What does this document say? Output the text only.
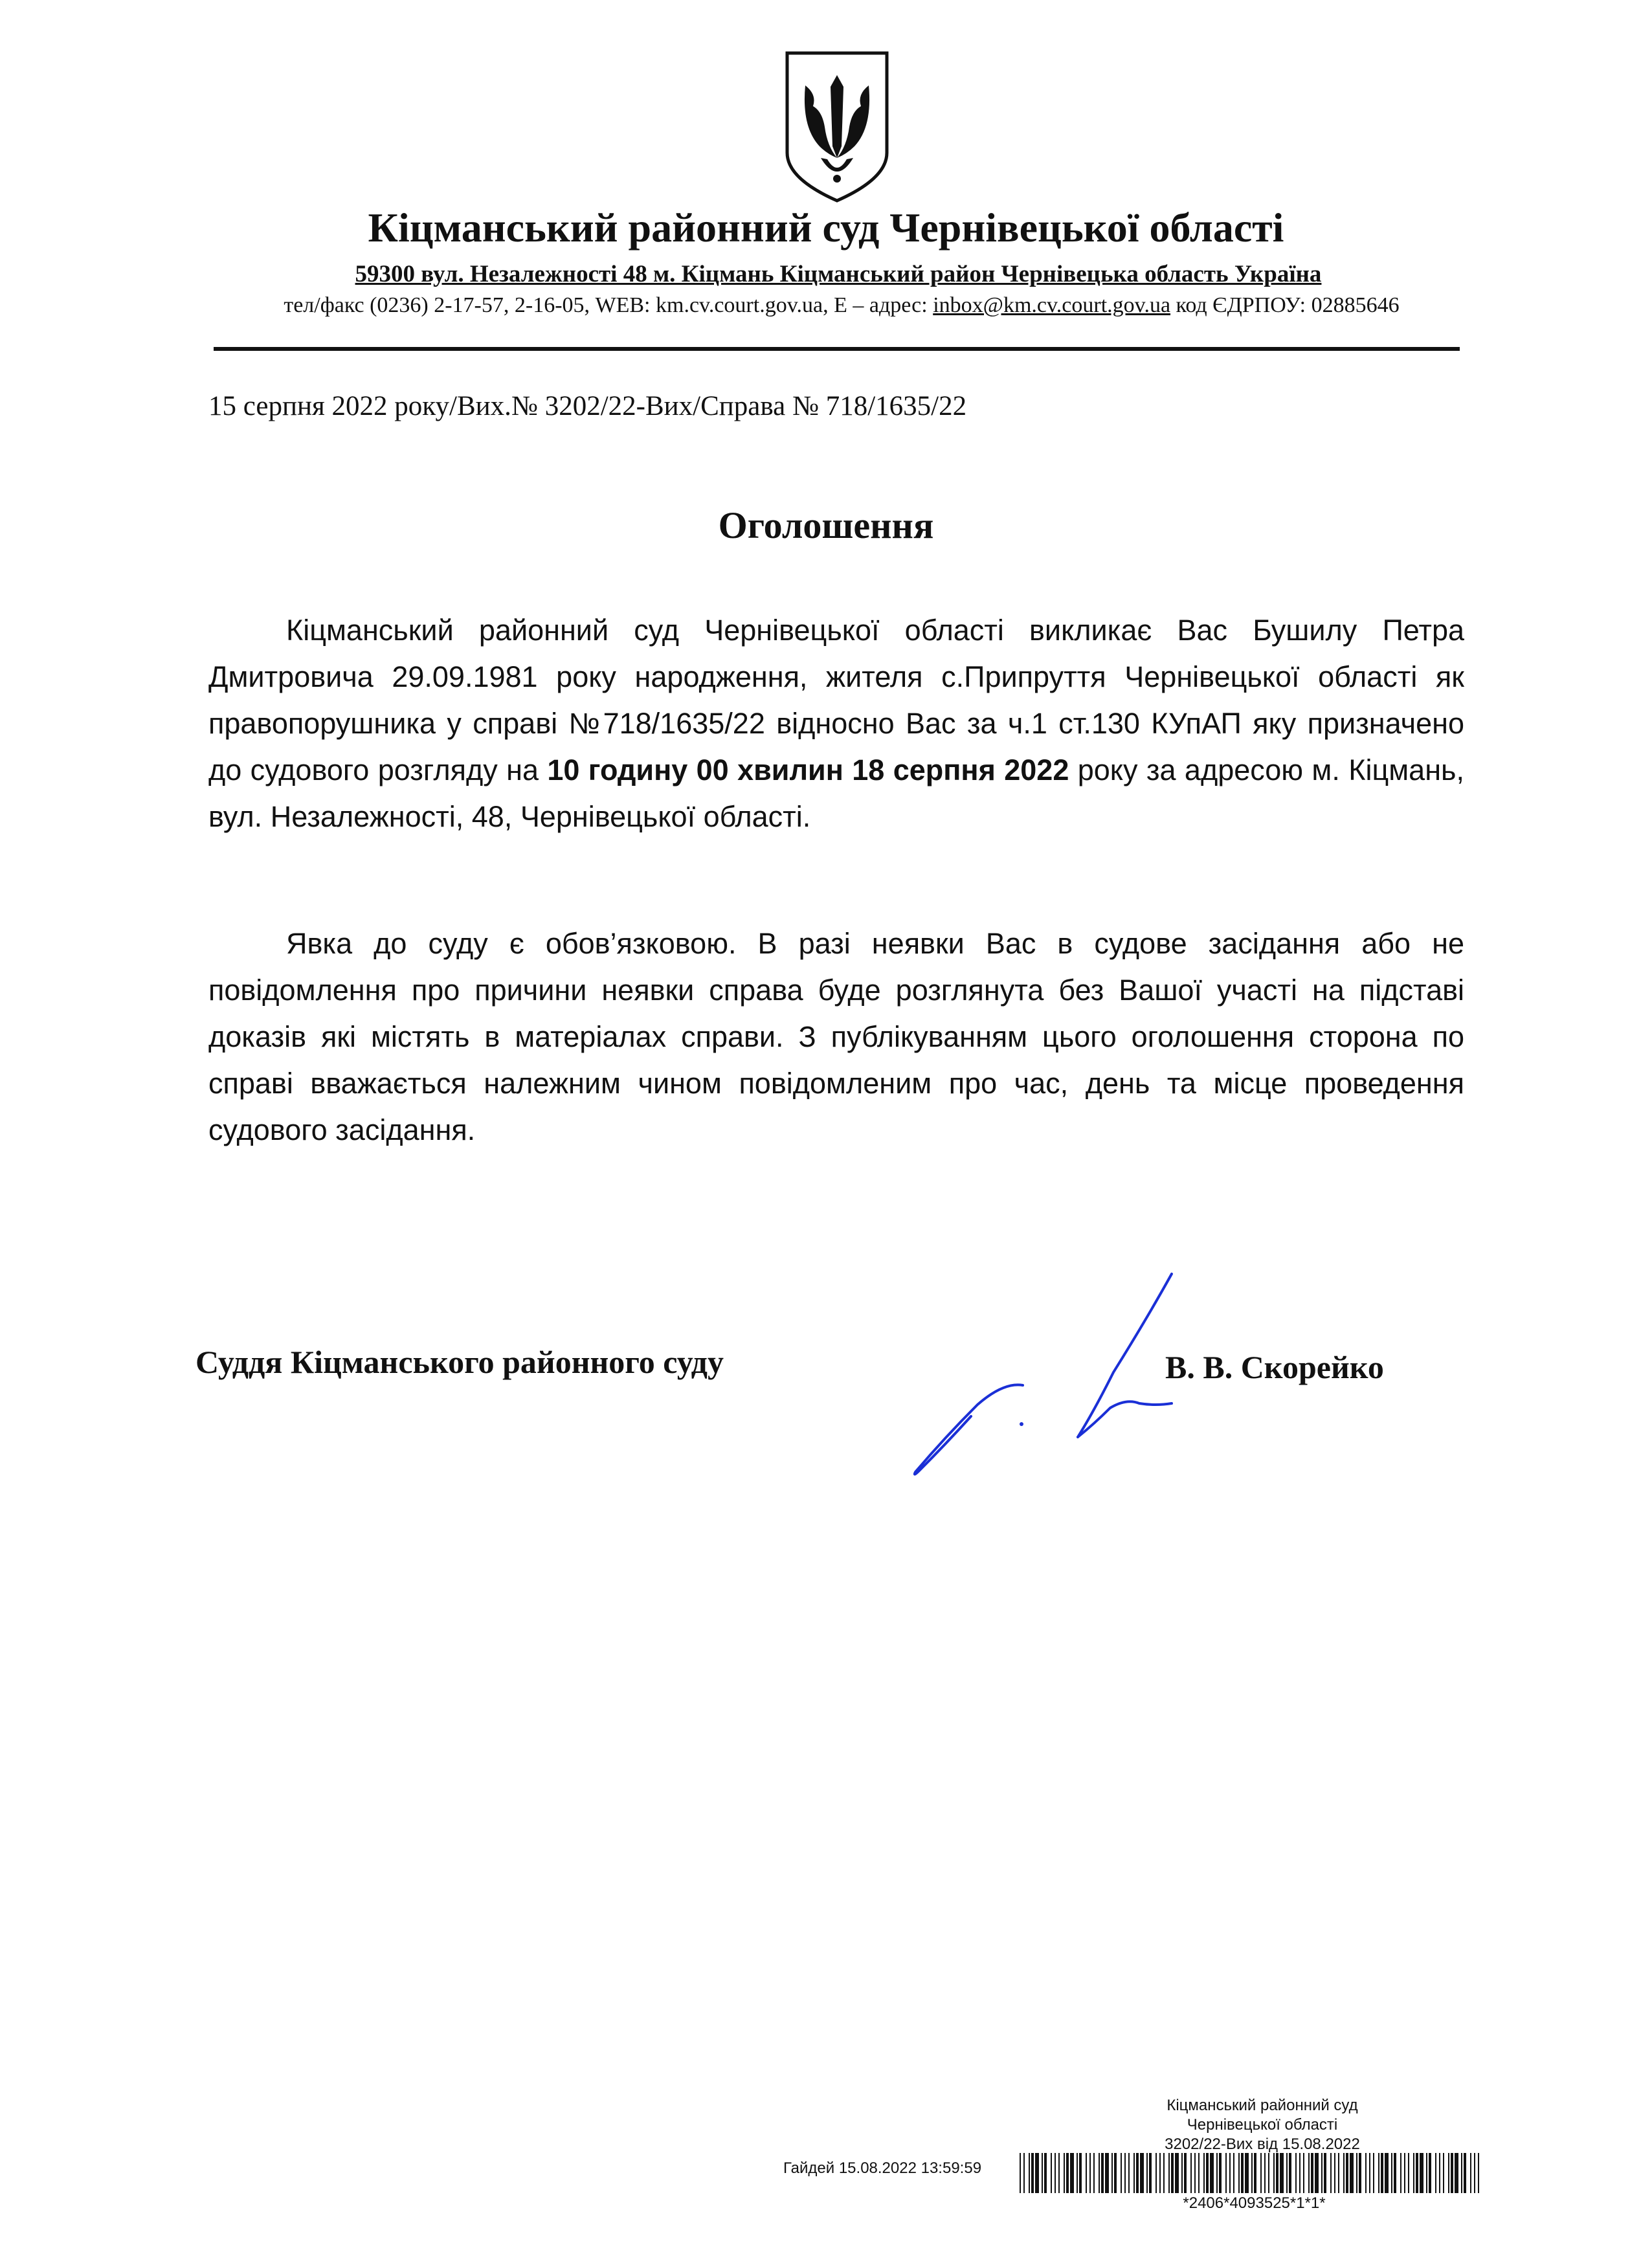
Кіцманський районний суд Чернівецької області
59300 вул. Незалежності 48 м. Кіцмань Кіцманський район Чернівецька область Україна
тел/факс (0236) 2-17-57, 2-16-05, WEB: km.cv.court.gov.ua, E – адрес: inbox@km.cv.court.gov.ua код ЄДРПОУ: 02885646
15 серпня 2022 року/Вих.№ 3202/22-Вих/Справа № 718/1635/22
Оголошення
Кіцманський районний суд Чернівецької області викликає Вас Бушилу Петра Дмитровича 29.09.1981 року народження, жителя с.Припруття Чернівецької області як правопорушника у справі №718/1635/22 відносно Вас за ч.1 ст.130 КУпАП яку призначено до судового розгляду на 10 годину 00 хвилин 18 серпня 2022 року за адресою м. Кіцмань, вул. Незалежності, 48, Чернівецької області.
Явка до суду є обов’язковою. В разі неявки Вас в судове засідання або не повідомлення про причини неявки справа буде розглянута без Вашої участі на підставі доказів які містять в матеріалах справи. З публікуванням цього оголошення сторона по справі вважається належним чином повідомленим про час, день та місце проведення судового засідання.
Суддя Кіцманського районного суду	В. В. Скорейко
Кіцманський районний суд
Чернівецької області
3202/22-Вих від 15.08.2022
Гайдей 15.08.2022 13:59:59
*2406*4093525*1*1*
